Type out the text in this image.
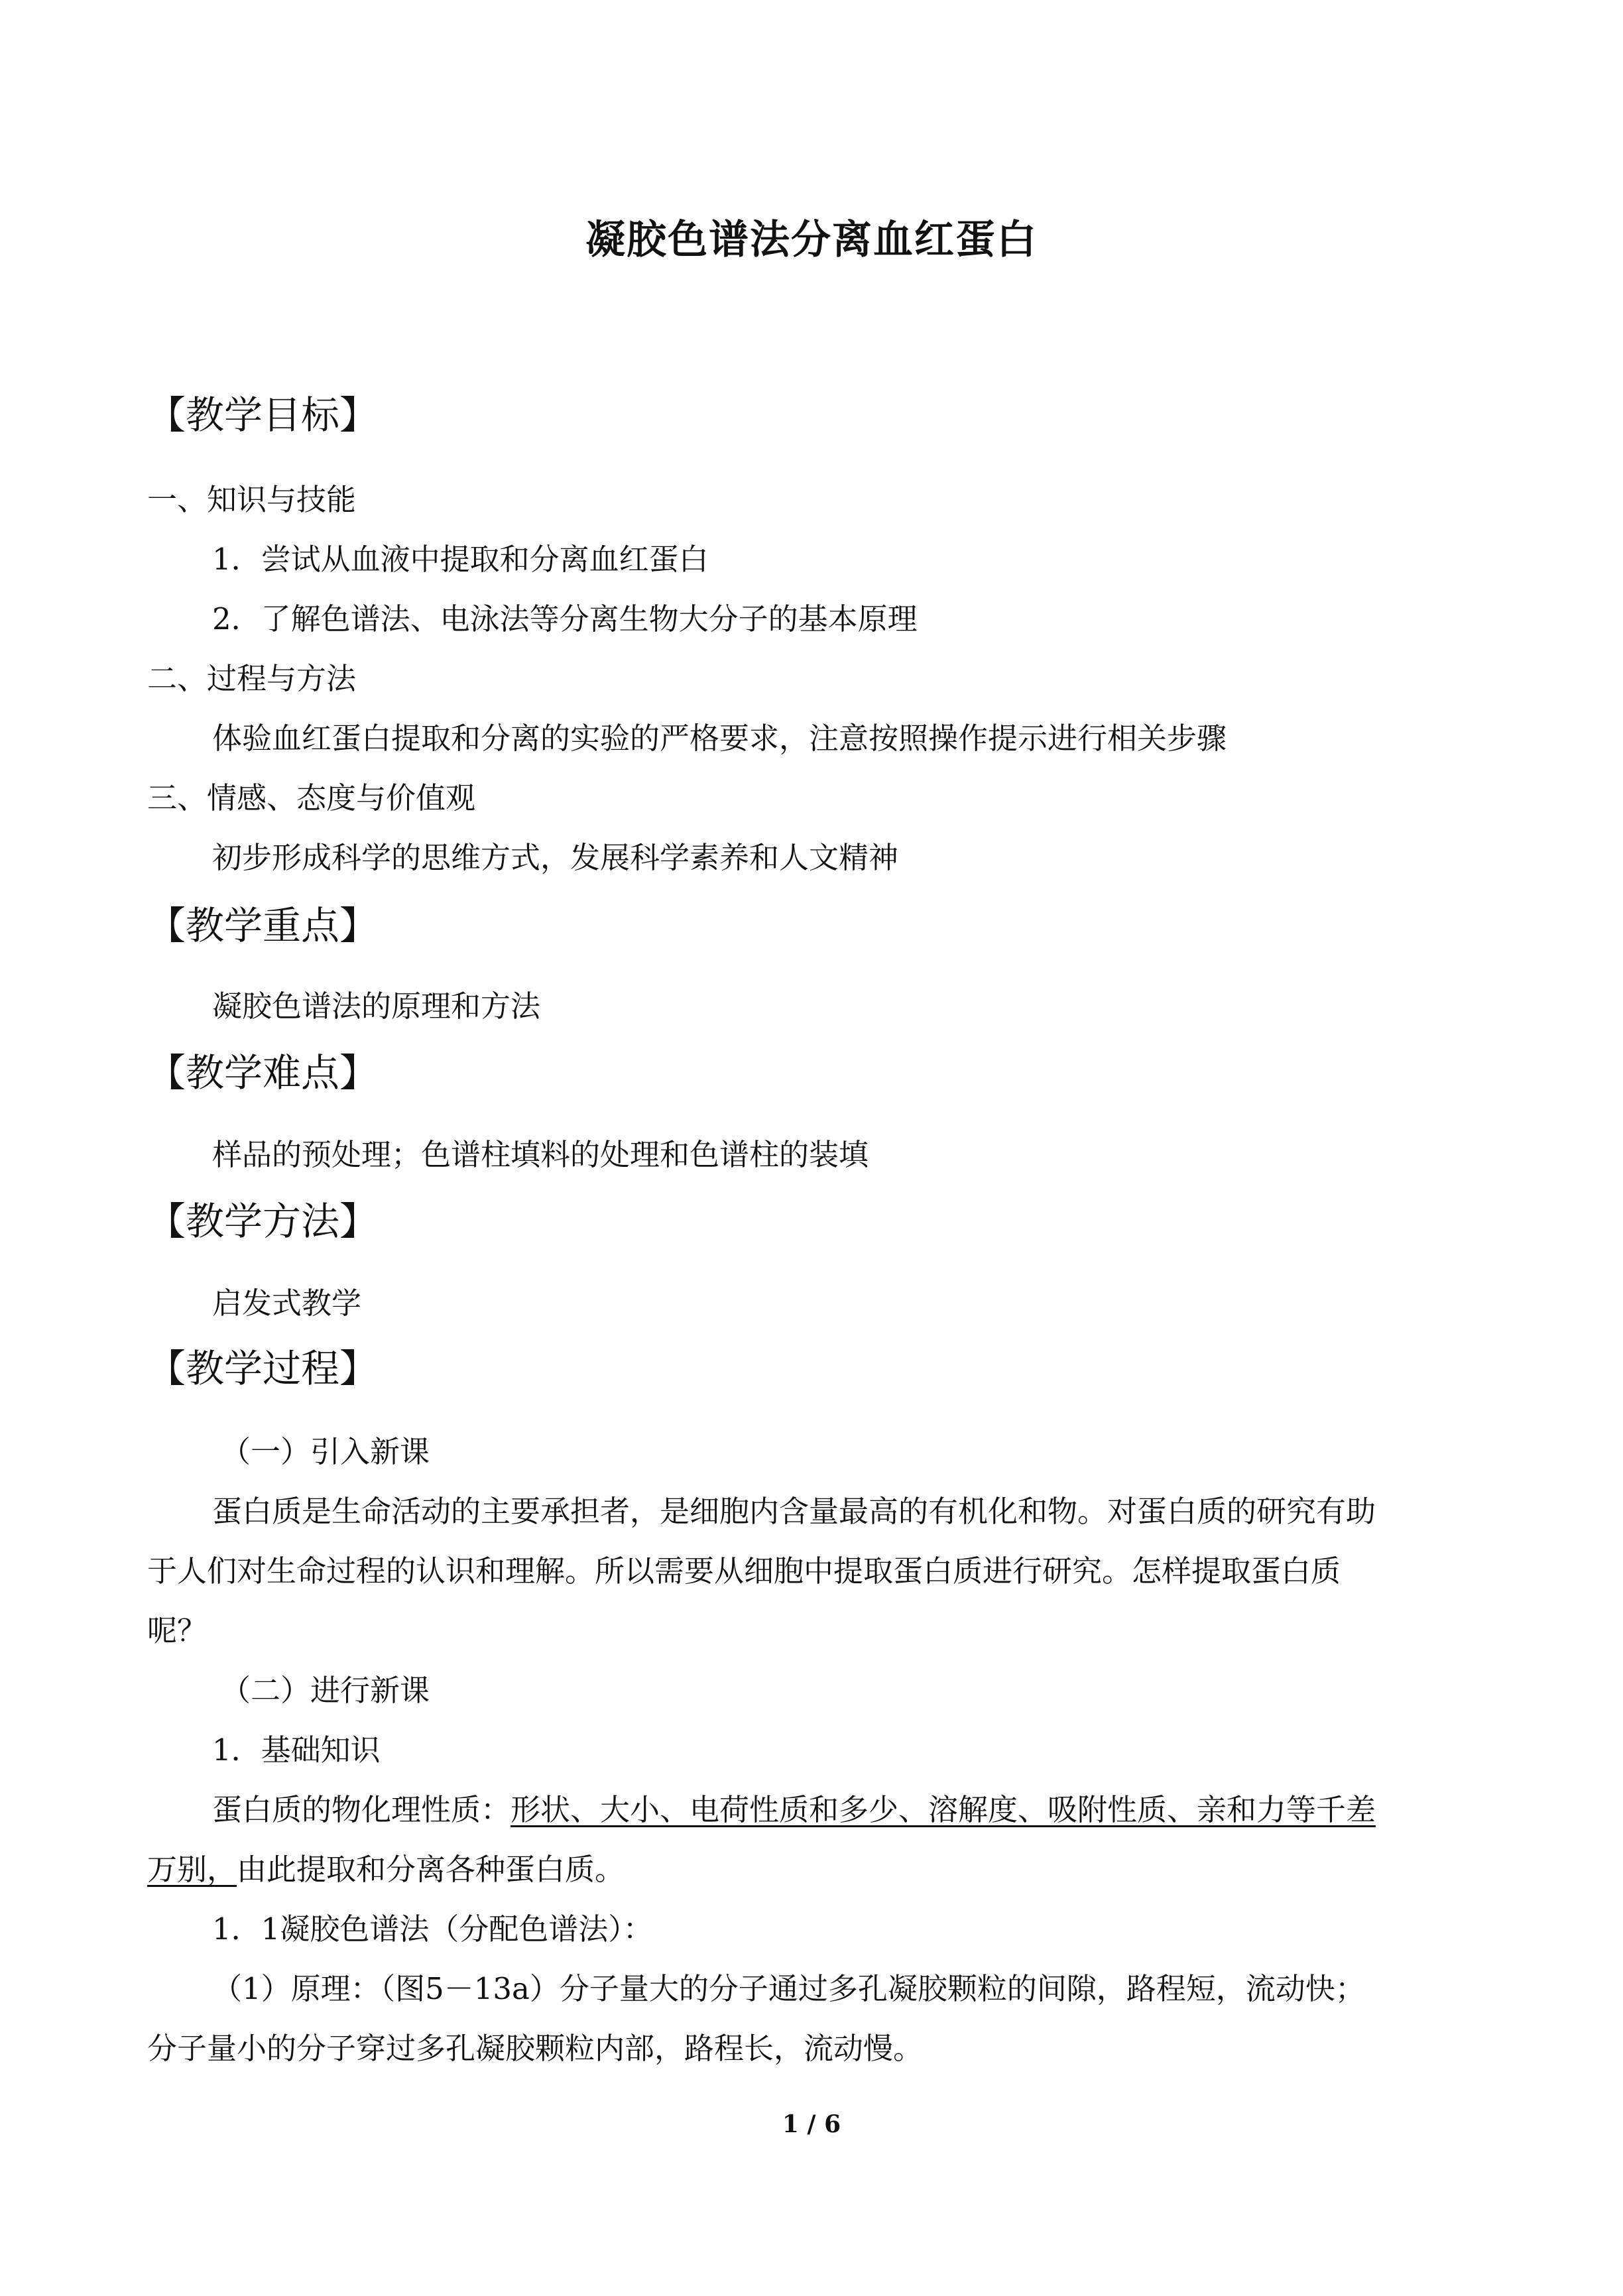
凝胶色谱法分离血红蛋白
【教学目标】

一、知识与技能

1．尝试从血液中提取和分离血红蛋白

2．了解色谱法、电泳法等分离生物大分子的基本原理

二、过程与方法

体验血红蛋白提取和分离的实验的严格要求，注意按照操作提示进行相关步骤

三、情感、态度与价值观

初步形成科学的思维方式，发展科学素养和人文精神

【教学重点】

凝胶色谱法的原理和方法

【教学难点】

样品的预处理；色谱柱填料的处理和色谱柱的装填

【教学方法】

启发式教学

【教学过程】

（一）引入新课

蛋白质是生命活动的主要承担者，是细胞内含量最高的有机化和物。对蛋白质的研究有助

于人们对生命过程的认识和理解。所以需要从细胞中提取蛋白质进行研究。怎样提取蛋白质

呢？

（二）进行新课

1．基础知识

蛋白质的物化理性质：形状、大小、电荷性质和多少、溶解度、吸附性质、亲和力等千差

万别，由此提取和分离各种蛋白质。

1．1凝胶色谱法（分配色谱法）：

（1）原理：（图5－13a）分子量大的分子通过多孔凝胶颗粒的间隙，路程短，流动快；

分子量小的分子穿过多孔凝胶颗粒内部，路程长，流动慢。

1 / 6
